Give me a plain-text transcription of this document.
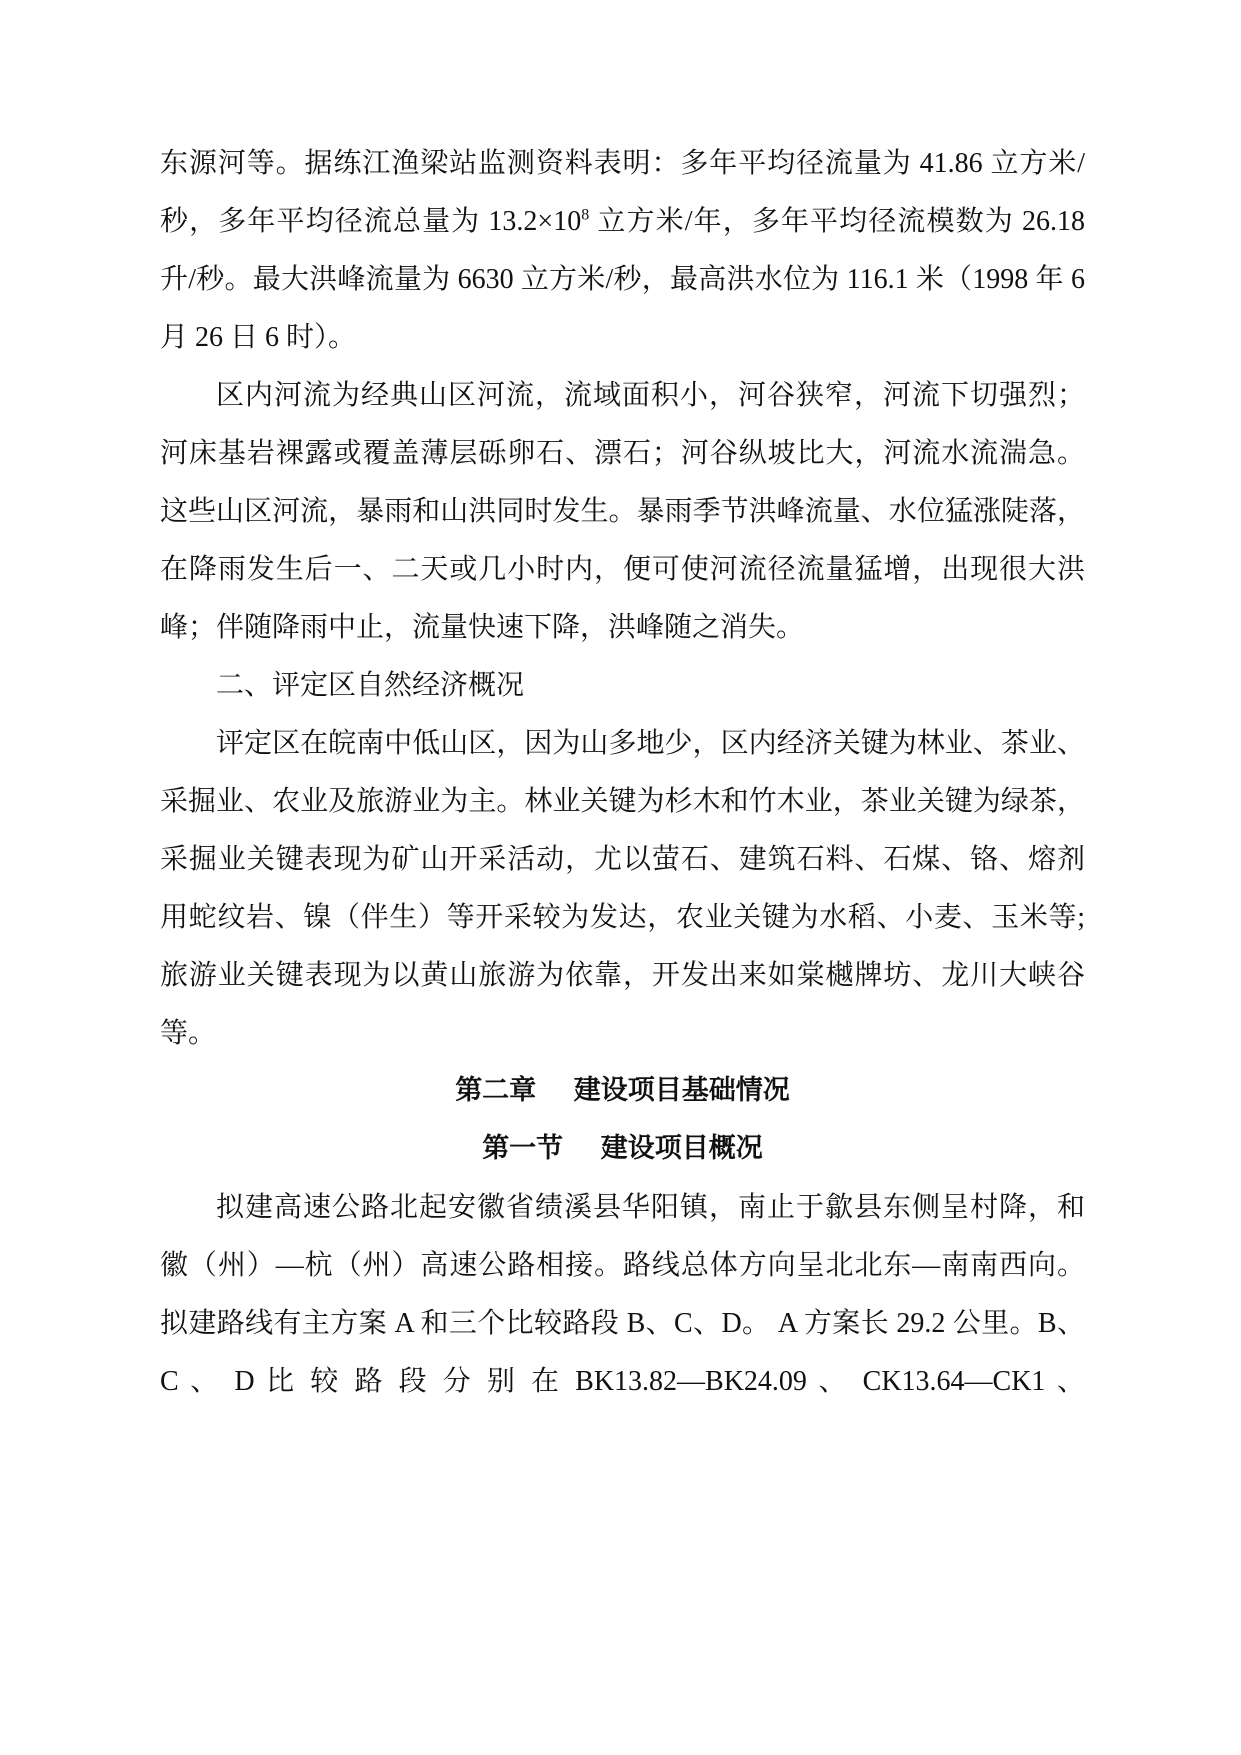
东源河等。据练江渔梁站监测资料表明：多年平均径流量为 41.86 立方米/
秒，多年平均径流总量为 $13.2\times 10^8$ 立方米/年，多年平均径流模数为 26.18
升/秒。最大洪峰流量为 6630 立方米/秒，最高洪水位为 116.1 米（1998 年 6
月 26 日 6 时）。
区内河流为经典山区河流，流域面积小，河谷狭窄，河流下切强烈；
河床基岩裸露或覆盖薄层砾卵石、漂石；河谷纵坡比大，河流水流湍急。
这些山区河流，暴雨和山洪同时发生。暴雨季节洪峰流量、水位猛涨陡落，
在降雨发生后一、二天或几小时内，便可使河流径流量猛增，出现很大洪
峰；伴随降雨中止，流量快速下降，洪峰随之消失。
二、评定区自然经济概况
评定区在皖南中低山区，因为山多地少，区内经济关键为林业、茶业、
采掘业、农业及旅游业为主。林业关键为杉木和竹木业，茶业关键为绿茶，
采掘业关键表现为矿山开采活动，尤以萤石、建筑石料、石煤、铬、熔剂
用蛇纹岩、镍（伴生）等开采较为发达，农业关键为水稻、小麦、玉米等;
旅游业关键表现为以黄山旅游为依靠，开发出来如棠樾牌坊、龙川大峡谷
等。
第二章    建设项目基础情况
第一节    建设项目概况
拟建高速公路北起安徽省绩溪县华阳镇，南止于歙县东侧呈村降，和
徽（州）—杭（州）高速公路相接。路线总体方向呈北北东—南南西向。
拟建路线有主方案 A 和三个比较路段 B、C、D。 A 方案长 29.2 公里。B、
C 、 D 比 较 路 段 分 别 在 BK13.82—BK24.09 、 CK13.64—CK1 、
